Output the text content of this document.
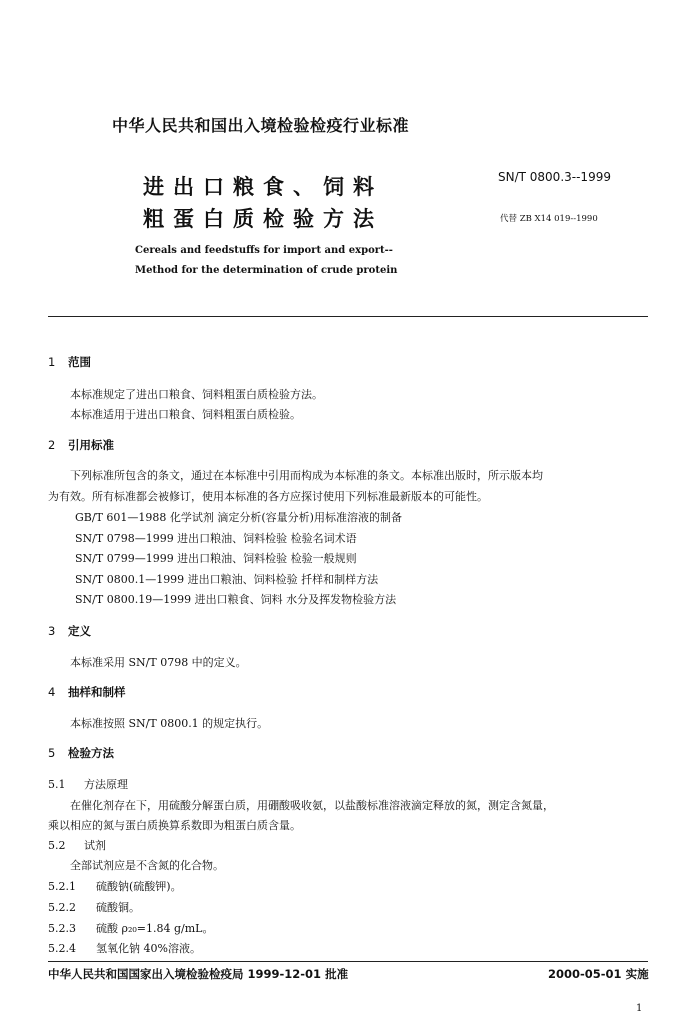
中华人民共和国出入境检验检疫行业标准
进出口粮食、饲料
粗蛋白质检验方法
SN/T 0800.3--1999
代替 ZB X14 019--1990
Cereals and feedstuffs for import and export--
Method for the determination of crude protein
1 范围
本标准规定了进出口粮食、饲料粗蛋白质检验方法。
本标准适用于进出口粮食、饲料粗蛋白质检验。
2 引用标准
下列标准所包含的条文，通过在本标准中引用而构成为本标准的条文。本标准出版时，所示版本均
为有效。所有标准都会被修订，使用本标准的各方应探讨使用下列标准最新版本的可能性。
GB/T 601—1988 化学试剂 滴定分析(容量分析)用标准溶液的制备
SN/T 0798—1999 进出口粮油、饲料检验 检验名词术语
SN/T 0799—1999 进出口粮油、饲料检验 检验一般规则
SN/T 0800.1—1999 进出口粮油、饲料检验 扦样和制样方法
SN/T 0800.19—1999 进出口粮食、饲料 水分及挥发物检验方法
3 定义
本标准采用 SN/T 0798 中的定义。
4 抽样和制样
本标准按照 SN/T 0800.1 的规定执行。
5 检验方法
5.1 方法原理
在催化剂存在下，用硫酸分解蛋白质，用硼酸吸收氨，以盐酸标准溶液滴定释放的氮，测定含氮量，
乘以相应的氮与蛋白质换算系数即为粗蛋白质含量。
5.2 试剂
全部试剂应是不含氮的化合物。
5.2.1 硫酸钠(硫酸钾)。
5.2.2 硫酸铜。
5.2.3 硫酸 ρ₂₀=1.84 g/mL。
5.2.4 氢氧化钠 40%溶液。
中华人民共和国国家出入境检验检疫局 1999-12-01 批准	2000-05-01 实施
1
